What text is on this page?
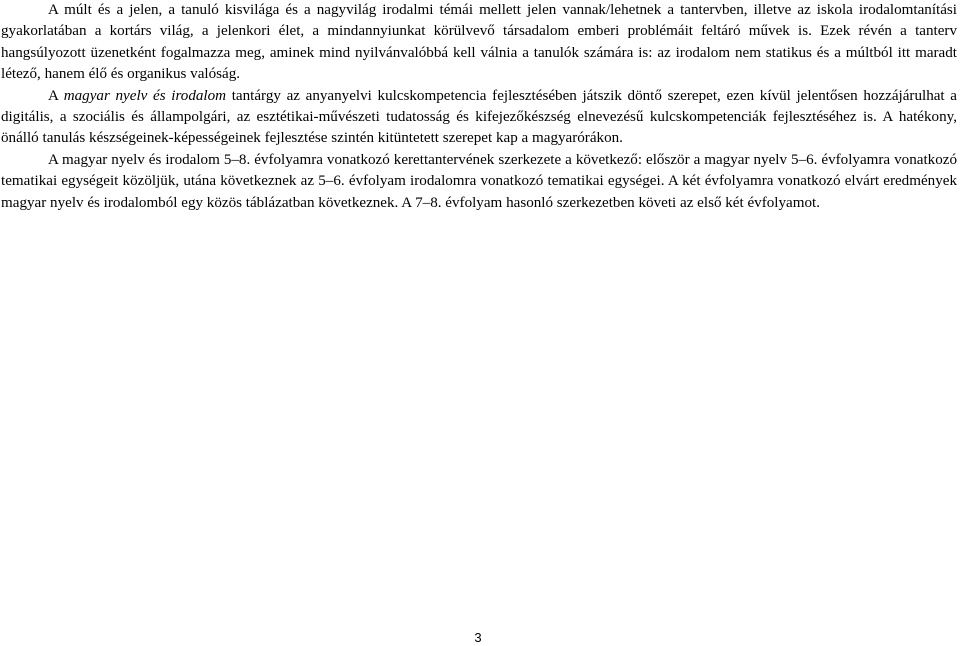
A múlt és a jelen, a tanuló kisvilága és a nagyvilág irodalmi témái mellett jelen vannak/lehetnek a tantervben, illetve az iskola irodalomtanítási gyakorlatában a kortárs világ, a jelenkori élet, a mindannyiunkat körülvevő társadalom emberi problémáit feltáró művek is. Ezek révén a tanterv hangsúlyozott üzenetként fogalmazza meg, aminek mind nyilvánvalóbbá kell válnia a tanulók számára is: az irodalom nem statikus és a múltból itt maradt létező, hanem élő és organikus valóság.

A magyar nyelv és irodalom tantárgy az anyanyelvi kulcskompetencia fejlesztésében játszik döntő szerepet, ezen kívül jelentősen hozzájárulhat a digitális, a szociális és állampolgári, az esztétikai-művészeti tudatosság és kifejezőkészség elnevezésű kulcskompetenciák fejlesztéséhez is. A hatékony, önálló tanulás készségeinek-képességeinek fejlesztése szintén kitüntetett szerepet kap a magyarórákon.

A magyar nyelv és irodalom 5–8. évfolyamra vonatkozó kerettantervének szerkezete a következő: először a magyar nyelv 5–6. évfolyamra vonatkozó tematikai egységeit közöljük, utána következnek az 5–6. évfolyam irodalomra vonatkozó tematikai egységei. A két évfolyamra vonatkozó elvárt eredmények magyar nyelv és irodalomból egy közös táblázatban következnek. A 7–8. évfolyam hasonló szerkezetben követi az első két évfolyamot.

3
